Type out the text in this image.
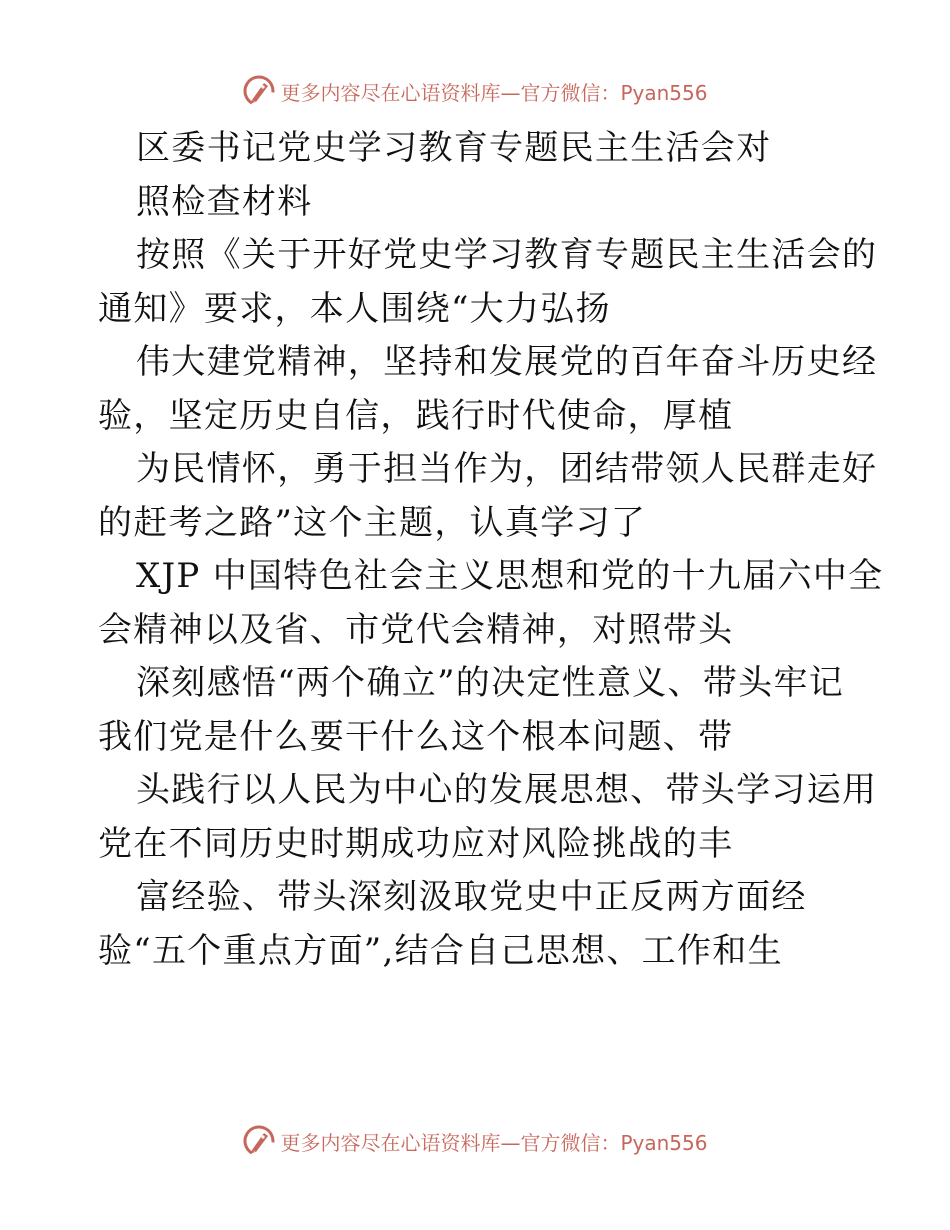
更多内容尽在心语资料库—官方微信：Pyan556
区委书记党史学习教育专题民主生活会对
照检查材料
按照《关于开好党史学习教育专题民主生活会的
通知》要求，本人围绕“大力弘扬
伟大建党精神，坚持和发展党的百年奋斗历史经
验，坚定历史自信，践行时代使命，厚植
为民情怀，勇于担当作为，团结带领人民群走好
的赶考之路”这个主题，认真学习了
XJP 中国特色社会主义思想和党的十九届六中全
会精神以及省、市党代会精神，对照带头
深刻感悟“两个确立”的决定性意义、带头牢记
我们党是什么要干什么这个根本问题、带
头践行以人民为中心的发展思想、带头学习运用
党在不同历史时期成功应对风险挑战的丰
富经验、带头深刻汲取党史中正反两方面经
验“五个重点方面”,结合自己思想、工作和生
更多内容尽在心语资料库—官方微信：Pyan556
